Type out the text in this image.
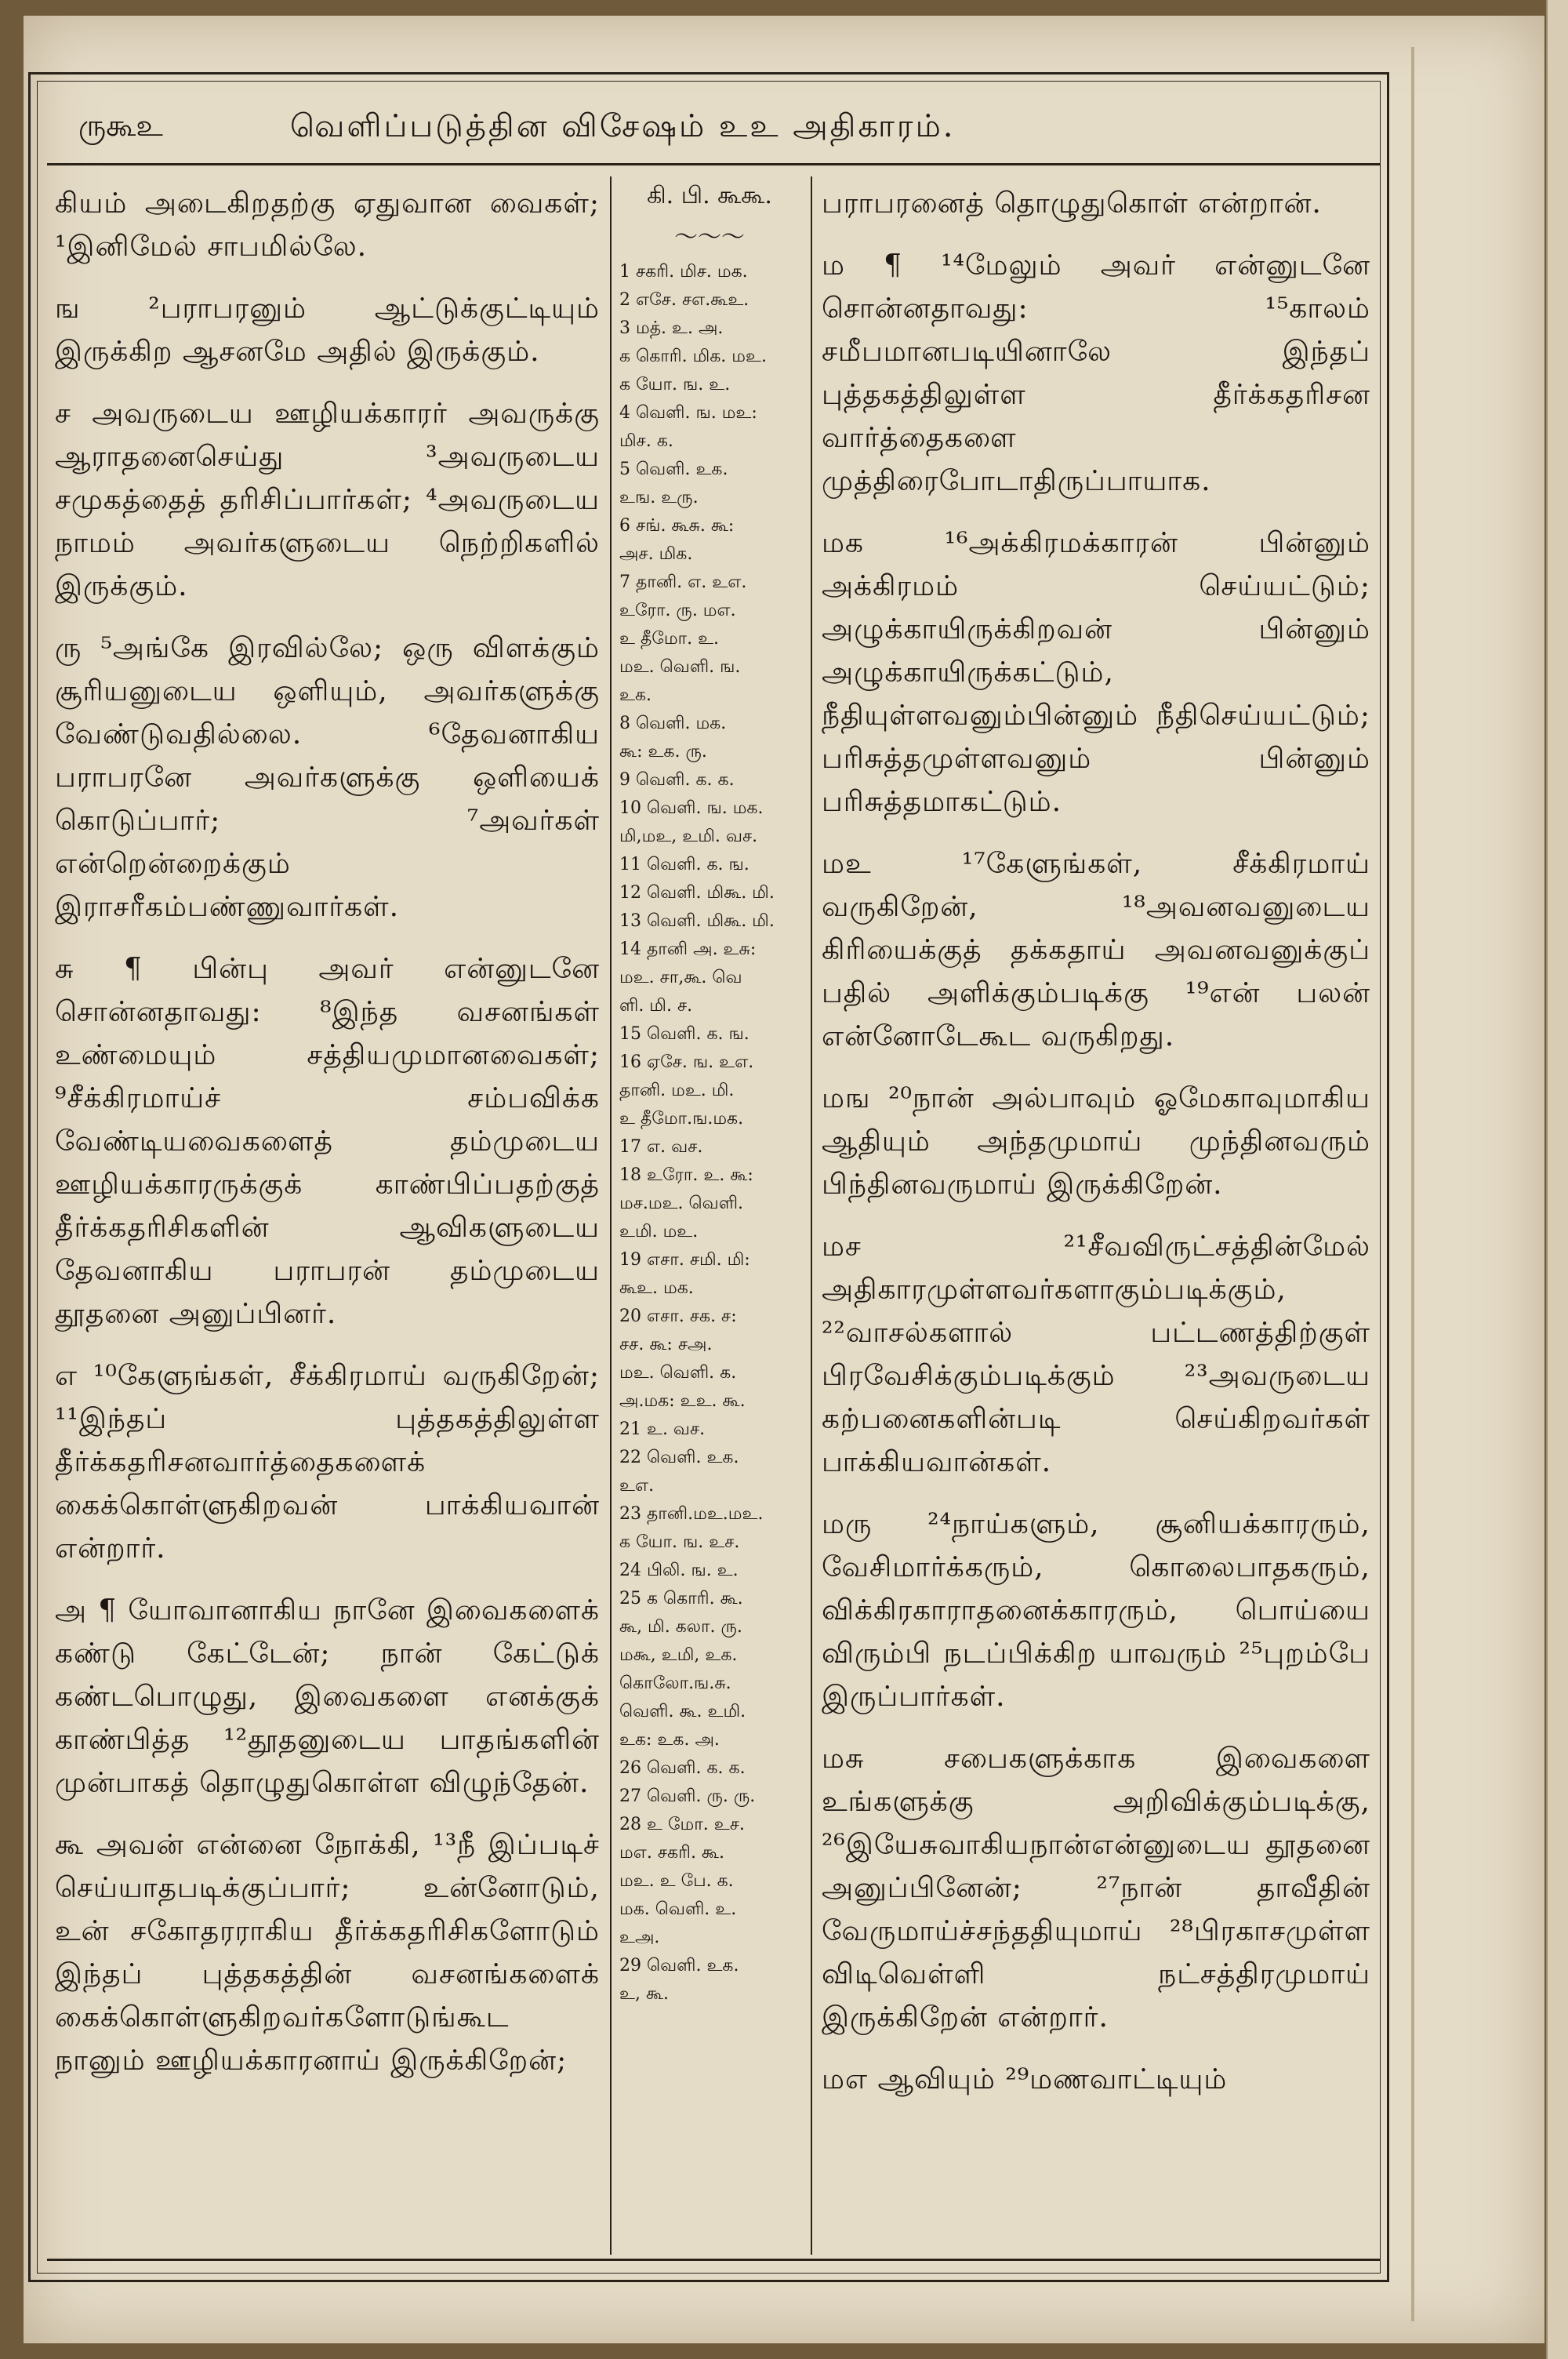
ருகூஉ	வெளிப்படுத்தின விசேஷம் உஉ அதிகாரம்.

கியம் அடைகிறதற்கு ஏதுவான வைகள்; ¹இனிமேல் சாபமில்லே.

ங ²பராபரனும் ஆட்டுக்குட்டியும் இருக்கிற ஆசனமே அதில் இருக்கும்.

ச அவருடைய ஊழியக்காரர் அவருக்கு ஆராதனைசெய்து ³அவருடைய சமுகத்தைத் தரிசிப்பார்கள்; ⁴அவருடைய நாமம் அவர்களுடைய நெற்றிகளில் இருக்கும்.

ரு ⁵அங்கே இரவில்லே; ஒரு விளக்கும் சூரியனுடைய ஒளியும், அவர்களுக்கு வேண்டுவதில்லை. ⁶தேவனாகிய பராபரனே அவர்களுக்கு ஒளியைக் கொடுப்பார்; ⁷அவர்கள் என்றென்றைக்கும் இராசரீகம்பண்ணுவார்கள்.

சு ¶ பின்பு அவர் என்னுடனே சொன்னதாவது: ⁸இந்த வசனங்கள் உண்மையும் சத்தியமுமானவைகள்; ⁹சீக்கிரமாய்ச் சம்பவிக்க வேண்டியவைகளைத் தம்முடைய ஊழியக்காரருக்குக் காண்பிப்பதற்குத் தீர்க்கதரிசிகளின் ஆவிகளுடைய தேவனாகிய பராபரன் தம்முடைய தூதனை அனுப்பினர்.

எ ¹⁰கேளுங்கள், சீக்கிரமாய் வருகிறேன்; ¹¹இந்தப் புத்தகத்திலுள்ள தீர்க்கதரிசனவார்த்தைகளைக் கைக்கொள்ளுகிறவன் பாக்கியவான் என்றார்.

அ ¶ யோவானாகிய நானே இவைகளைக் கண்டு கேட்டேன்; நான் கேட்டுக் கண்டபொழுது, இவைகளை எனக்குக் காண்பித்த ¹²தூதனுடைய பாதங்களின் முன்பாகத் தொழுதுகொள்ள விழுந்தேன்.

கூ அவன் என்னை நோக்கி, ¹³நீ இப்படிச் செய்யாதபடிக்குப்பார்; உன்னோடும், உன் சகோதரராகிய தீர்க்கதரிசிகளோடும் இந்தப் புத்தகத்தின் வசனங்களைக் கைக்கொள்ளுகிறவர்களோடுங்கூட நானும் ஊழியக்காரனாய் இருக்கிறேன்;

கி. பி. கூகூ.
～～～
1 சகரி. மிச. மக.
2 எசே. சஎ.கூஉ.
3 மத். உ. அ.
க கொரி. மிக. மஉ.
க யோ. ங. உ.
4 வெளி. ங. மஉ:
மிச. க.
5 வெளி. உக.
உங. உரு.
6 சங். கூசு. கூ:
அச. மிக.
7 தானி. எ. உஎ.
உரோ. ரு. மஎ.
உ தீமோ. உ.
மஉ. வெளி. ங.
உக.
8 வெளி. மக.
கூ: உக. ரு.
9 வெளி. க. க.
10 வெளி. ங. மக.
மி,மஉ, உமி. வச.
11 வெளி. க. ங.
12 வெளி. மிகூ. மி.
13 வெளி. மிகூ. மி.
14 தானி அ. உசு:
மஉ. சா,கூ. வெ
ளி. மி. ச.
15 வெளி. க. ங.
16 ஏசே. ங. உஎ.
தானி. மஉ. மி.
உ தீமோ.ங.மக.
17 எ. வச.
18 உரோ. உ. கூ:
மச.மஉ. வெளி.
உமி. மஉ.
19 எசா. சமி. மி:
கூஉ. மக.
20 எசா. சக. ச:
சச. கூ: சஅ.
மஉ. வெளி. க.
அ.மக: உஉ. கூ.
21 உ. வச.
22 வெளி. உக.
உஎ.
23 தானி.மஉ.மஉ.
க யோ. ங. உச.
24 பிலி. ங. உ.
25 க கொரி. கூ.
கூ, மி. கலா. ரு.
மகூ, உமி, உக.
கொலோ.ங.சு.
வெளி. கூ. உமி.
உக: உக. அ.
26 வெளி. க. க.
27 வெளி. ரு. ரு.
28 உ மோ. உச.
மஎ. சகரி. கூ.
மஉ. உ பே. க.
மக. வெளி. உ.
உஅ.
29 வெளி. உக.
உ, கூ.

பராபரனைத் தொழுதுகொள் என்றான்.

ம ¶ ¹⁴மேலும் அவர் என்னுடனே சொன்னதாவது: ¹⁵காலம் சமீபமானபடியினாலே இந்தப் புத்தகத்திலுள்ள தீர்க்கதரிசன வார்த்தைகளை முத்திரைபோடாதிருப்பாயாக.

மக ¹⁶அக்கிரமக்காரன் பின்னும் அக்கிரமம் செய்யட்டும்; அழுக்காயிருக்கிறவன் பின்னும் அழுக்காயிருக்கட்டும், நீதியுள்ளவனும்பின்னும் நீதிசெய்யட்டும்; பரிசுத்தமுள்ளவனும் பின்னும் பரிசுத்தமாகட்டும்.

மஉ ¹⁷கேளுங்கள், சீக்கிரமாய் வருகிறேன், ¹⁸அவனவனுடைய கிரியைக்குத் தக்கதாய் அவனவனுக்குப் பதில் அளிக்கும்படிக்கு ¹⁹என் பலன் என்னோடேகூட வருகிறது.

மங ²⁰நான் அல்பாவும் ஓமேகாவுமாகிய ஆதியும் அந்தமுமாய் முந்தினவரும் பிந்தினவருமாய் இருக்கிறேன்.

மச ²¹சீவவிருட்சத்தின்மேல் அதிகாரமுள்ளவர்களாகும்படிக்கும், ²²வாசல்களால் பட்டணத்திற்குள் பிரவேசிக்கும்படிக்கும் ²³அவருடைய கற்பனைகளின்படி செய்கிறவர்கள் பாக்கியவான்கள்.

மரு ²⁴நாய்களும், சூனியக்காரரும், வேசிமார்க்கரும், கொலைபாதகரும், விக்கிரகாராதனைக்காரரும், பொய்யை விரும்பி நடப்பிக்கிற யாவரும் ²⁵புறம்பே இருப்பார்கள்.

மசு சபைகளுக்காக இவைகளை உங்களுக்கு அறிவிக்கும்படிக்கு, ²⁶இயேசுவாகியநான்என்னுடைய தூதனை அனுப்பினேன்; ²⁷நான் தாவீதின் வேருமாய்ச்சந்ததியுமாய் ²⁸பிரகாசமுள்ள விடிவெள்ளி நட்சத்திரமுமாய் இருக்கிறேன் என்றார்.

மஎ ஆவியும் ²⁹மணவாட்டியும்
